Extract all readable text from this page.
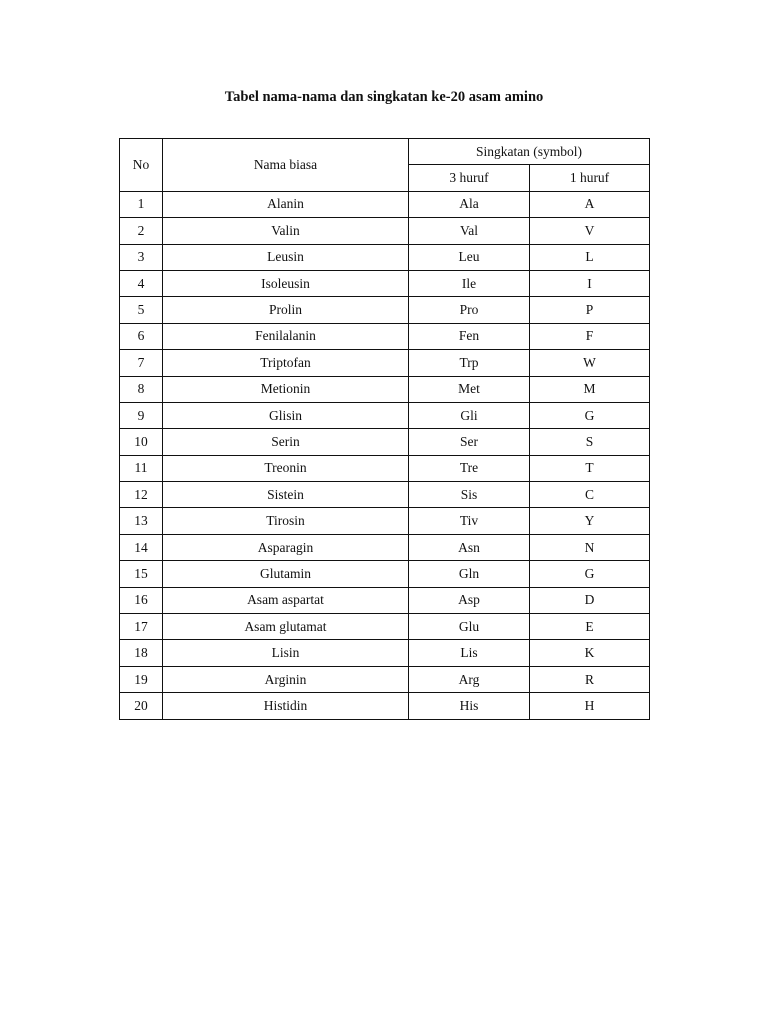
Tabel nama-nama dan singkatan ke-20 asam amino
No	Nama biasa	Singkatan (symbol)	
		3 huruf	1 huruf
1	Alanin	Ala	A
2	Valin	Val	V
3	Leusin	Leu	L
4	Isoleusin	Ile	I
5	Prolin	Pro	P
6	Fenilalanin	Fen	F
7	Triptofan	Trp	W
8	Metionin	Met	M
9	Glisin	Gli	G
10	Serin	Ser	S
11	Treonin	Tre	T
12	Sistein	Sis	C
13	Tirosin	Tiv	Y
14	Asparagin	Asn	N
15	Glutamin	Gln	G
16	Asam aspartat	Asp	D
17	Asam glutamat	Glu	E
18	Lisin	Lis	K
19	Arginin	Arg	R
20	Histidin	His	H
